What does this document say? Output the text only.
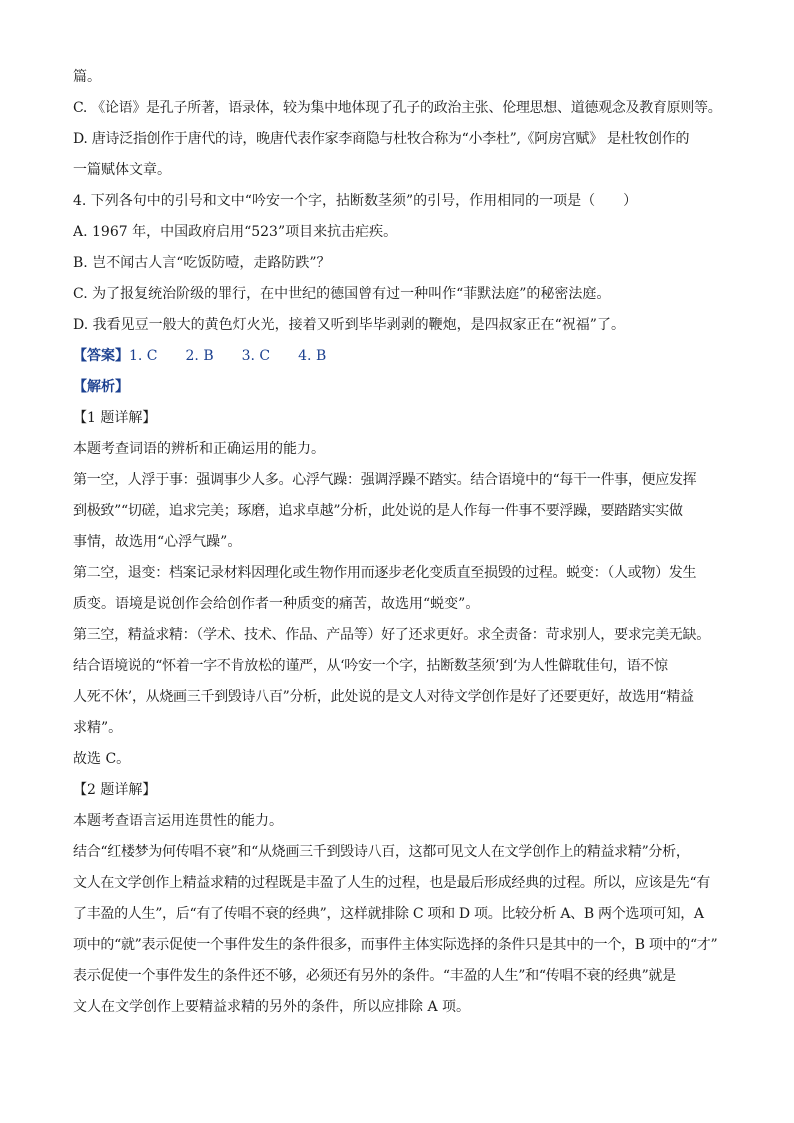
篇。
C. 《论语》是孔子所著，语录体，较为集中地体现了孔子的政治主张、伦理思想、道德观念及教育原则等。
D. 唐诗泛指创作于唐代的诗，晚唐代表作家李商隐与杜牧合称为“小李杜”,《阿房宫赋》 是杜牧创作的
一篇赋体文章。
4. 下列各句中的引号和文中“吟安一个字，拈断数茎须”的引号，作用相同的一项是（　　）
A. 1967 年，中国政府启用“523”项目来抗击疟疾。
B. 岂不闻古人言“吃饭防噎，走路防跌”？
C. 为了报复统治阶级的罪行，在中世纪的德国曾有过一种叫作“菲默法庭”的秘密法庭。
D. 我看见豆一般大的黄色灯火光，接着又听到毕毕剥剥的鞭炮，是四叔家正在“祝福”了。
【答案】1. C　　2. B　　3. C　　4. B
【解析】
【1 题详解】
本题考查词语的辨析和正确运用的能力。
第一空，人浮于事：强调事少人多。心浮气躁：强调浮躁不踏实。结合语境中的“每干一件事，便应发挥
到极致”“切磋，追求完美；琢磨，追求卓越”分析，此处说的是人作每一件事不要浮躁，要踏踏实实做
事情，故选用“心浮气躁”。
第二空，退变：档案记录材料因理化或生物作用而逐步老化变质直至损毁的过程。蜕变：（人或物）发生
质变。语境是说创作会给创作者一种质变的痛苦，故选用“蜕变”。
第三空，精益求精：（学术、技术、作品、产品等）好了还求更好。求全责备：苛求别人，要求完美无缺。
结合语境说的“怀着一字不肯放松的谨严，从‘吟安一个字，拈断数茎须’到‘为人性僻耽佳句，语不惊
人死不休’，从烧画三千到毁诗八百”分析，此处说的是文人对待文学创作是好了还要更好，故选用“精益
求精”。
故选 C。
【2 题详解】
本题考查语言运用连贯性的能力。
结合“红楼梦为何传唱不衰”和“从烧画三千到毁诗八百，这都可见文人在文学创作上的精益求精”分析，
文人在文学创作上精益求精的过程既是丰盈了人生的过程，也是最后形成经典的过程。所以，应该是先“有
了丰盈的人生”，后“有了传唱不衰的经典”，这样就排除 C 项和 D 项。比较分析 A、B 两个选项可知，A
项中的“就”表示促使一个事件发生的条件很多，而事件主体实际选择的条件只是其中的一个，B 项中的“才”
表示促使一个事件发生的条件还不够，必须还有另外的条件。“丰盈的人生”和“传唱不衰的经典”就是
文人在文学创作上要精益求精的另外的条件，所以应排除 A 项。
